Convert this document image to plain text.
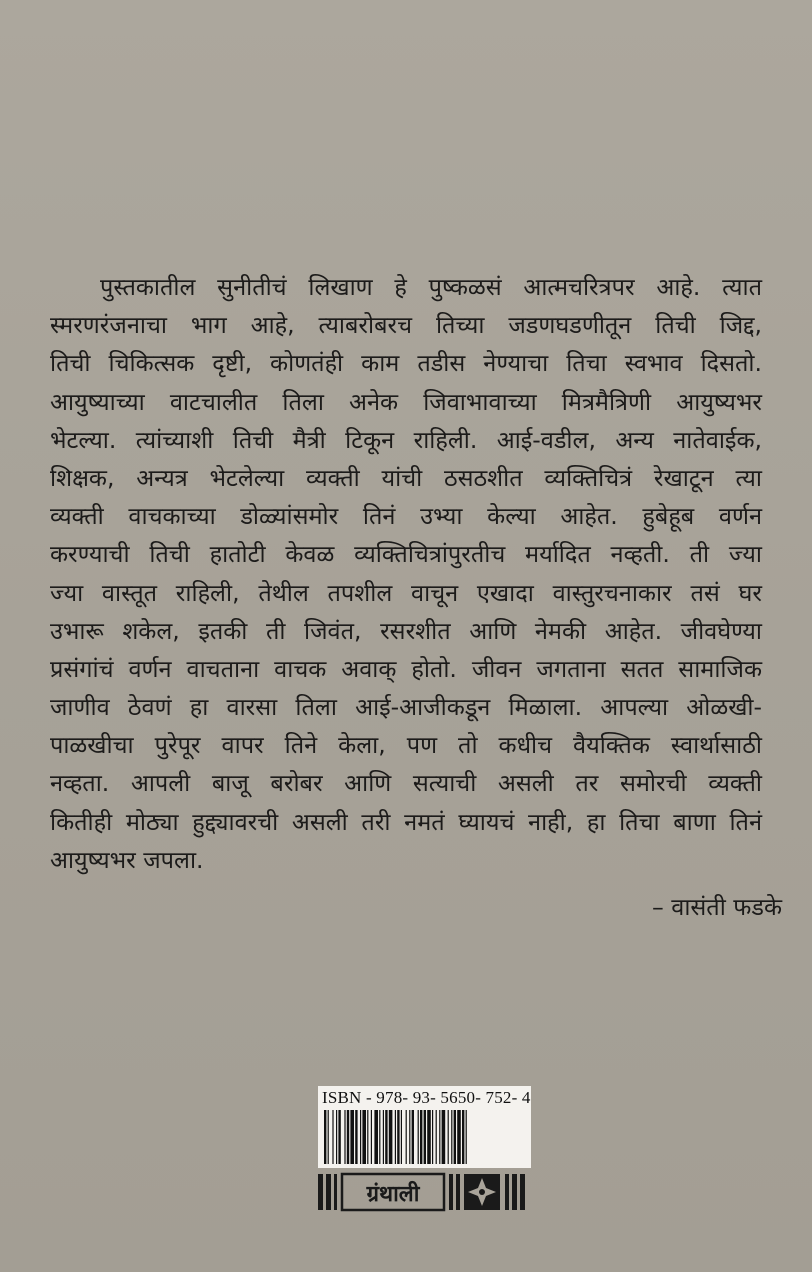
पुस्तकातील सुनीतीचं लिखाण हे पुष्कळसं आत्मचरित्रपर आहे. त्यात
स्मरणरंजनाचा भाग आहे, त्याबरोबरच तिच्या जडणघडणीतून तिची जिद्द,
तिची चिकित्सक दृष्टी, कोणतंही काम तडीस नेण्याचा तिचा स्वभाव दिसतो.
आयुष्याच्या वाटचालीत तिला अनेक जिवाभावाच्या मित्रमैत्रिणी आयुष्यभर
भेटल्या. त्यांच्याशी तिची मैत्री टिकून राहिली. आई-वडील, अन्य नातेवाईक,
शिक्षक, अन्यत्र भेटलेल्या व्यक्ती यांची ठसठशीत व्यक्तिचित्रं रेखाटून त्या
व्यक्ती वाचकाच्या डोळ्यांसमोर तिनं उभ्या केल्या आहेत. हुबेहूब वर्णन
करण्याची तिची हातोटी केवळ व्यक्तिचित्रांपुरतीच मर्यादित नव्हती. ती ज्या
ज्या वास्तूत राहिली, तेथील तपशील वाचून एखादा वास्तुरचनाकार तसं घर
उभारू शकेल, इतकी ती जिवंत, रसरशीत आणि नेमकी आहेत. जीवघेण्या
प्रसंगांचं वर्णन वाचताना वाचक अवाक् होतो. जीवन जगताना सतत सामाजिक
जाणीव ठेवणं हा वारसा तिला आई-आजीकडून मिळाला. आपल्या ओळखी-
पाळखीचा पुरेपूर वापर तिने केला, पण तो कधीच वैयक्तिक स्वार्थासाठी
नव्हता. आपली बाजू बरोबर आणि सत्याची असली तर समोरची व्यक्ती
कितीही मोठ्या हुद्द्यावरची असली तरी नमतं घ्यायचं नाही, हा तिचा बाणा तिनं
आयुष्यभर जपला.
– वासंती फडके
ISBN - 978- 93- 5650- 752- 4
ग्रंथाली
